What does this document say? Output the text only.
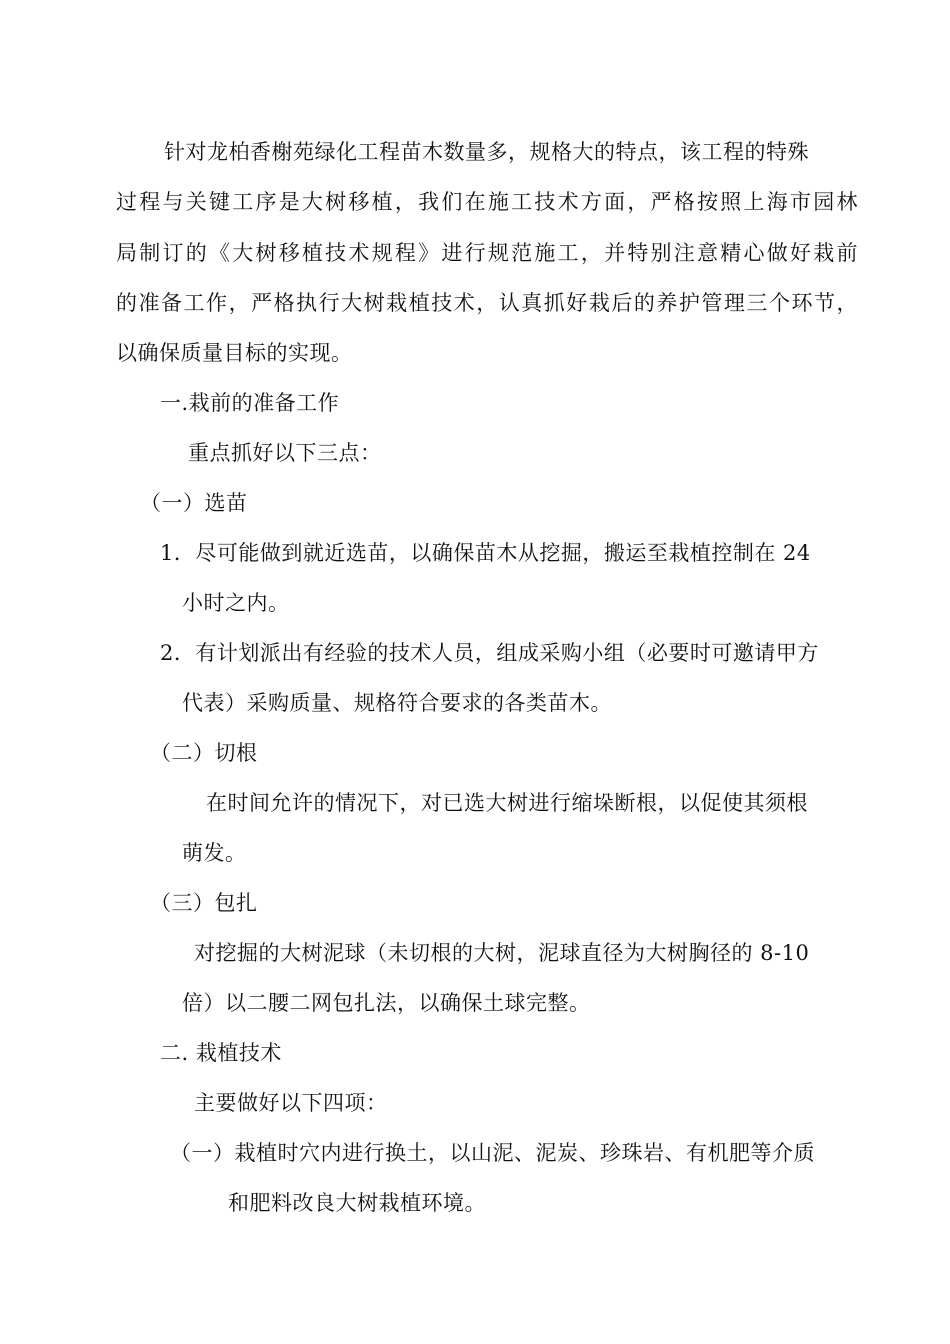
针对龙柏香榭苑绿化工程苗木数量多，规格大的特点，该工程的特殊
过程与关键工序是大树移植，我们在施工技术方面，严格按照上海市园林
局制订的《大树移植技术规程》进行规范施工，并特别注意精心做好栽前
的准备工作，严格执行大树栽植技术，认真抓好栽后的养护管理三个环节，
以确保质量目标的实现。
一.栽前的准备工作
重点抓好以下三点：
（一）选苗
1．尽可能做到就近选苗，以确保苗木从挖掘，搬运至栽植控制在 24
小时之内。
2．有计划派出有经验的技术人员，组成采购小组（必要时可邀请甲方
代表）采购质量、规格符合要求的各类苗木。
（二）切根
在时间允许的情况下，对已选大树进行缩垛断根，以促使其须根
萌发。
（三）包扎
对挖掘的大树泥球（未切根的大树，泥球直径为大树胸径的 8-10
倍）以二腰二网包扎法，以确保土球完整。
二. 栽植技术
主要做好以下四项：
（一）栽植时穴内进行换土，以山泥、泥炭、珍珠岩、有机肥等介质
和肥料改良大树栽植环境。
